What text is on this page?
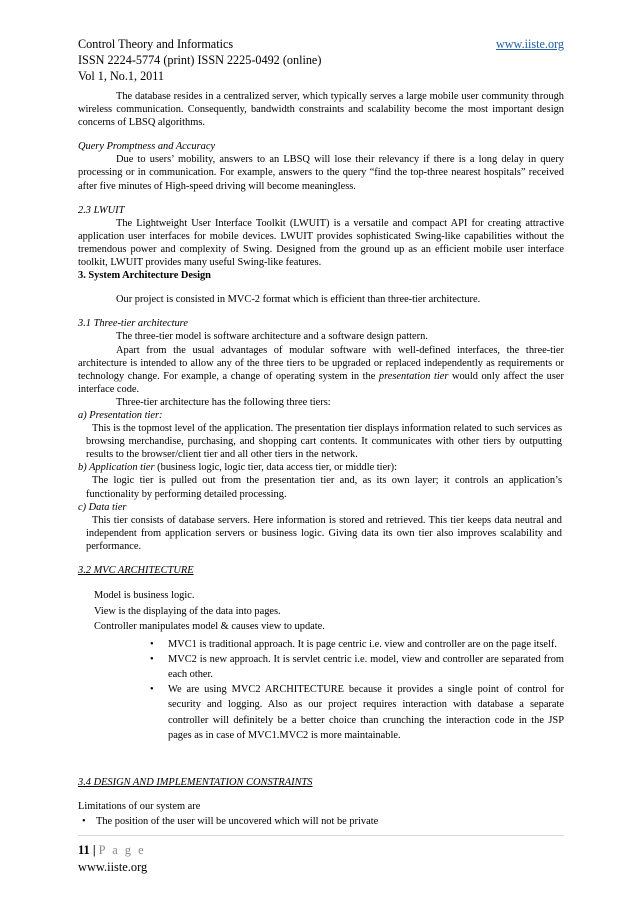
Control Theory and Informatics	www.iiste.org
ISSN 2224-5774 (print) ISSN 2225-0492 (online)
Vol 1, No.1, 2011

The database resides in a centralized server, which typically serves a large mobile user community through wireless communication. Consequently, bandwidth constraints and scalability become the most important design concerns of LBSQ algorithms.

Query Promptness and Accuracy

Due to users’ mobility, answers to an LBSQ will lose their relevancy if there is a long delay in query processing or in communication. For example, answers to the query “find the top-three nearest hospitals” received after five minutes of High-speed driving will become meaningless.

2.3 LWUIT

The Lightweight User Interface Toolkit (LWUIT) is a versatile and compact API for creating attractive application user interfaces for mobile devices. LWUIT provides sophisticated Swing-like capabilities without the tremendous power and complexity of Swing. Designed from the ground up as an efficient mobile user interface toolkit, LWUIT provides many useful Swing-like features.

3. System Architecture Design

Our project is consisted in MVC-2 format which is efficient than three-tier architecture.

3.1 Three-tier architecture

The three-tier model is software architecture and a software design pattern.

Apart from the usual advantages of modular software with well-defined interfaces, the three-tier architecture is intended to allow any of the three tiers to be upgraded or replaced independently as requirements or technology change. For example, a change of operating system in the presentation tier would only affect the user interface code.

Three-tier architecture has the following three tiers:

a) Presentation tier:

This is the topmost level of the application. The presentation tier displays information related to such services as browsing merchandise, purchasing, and shopping cart contents. It communicates with other tiers by outputting results to the browser/client tier and all other tiers in the network.

b) Application tier (business logic, logic tier, data access tier, or middle tier):

The logic tier is pulled out from the presentation tier and, as its own layer; it controls an application’s functionality by performing detailed processing.

c) Data tier

This tier consists of database servers. Here information is stored and retrieved. This tier keeps data neutral and independent from application servers or business logic. Giving data its own tier also improves scalability and performance.

3.2 MVC ARCHITECTURE

Model is business logic.
View is the displaying of the data into pages.
Controller manipulates model & causes view to update.
• MVC1 is traditional approach. It is page centric i.e. view and controller are on the page itself.
• MVC2 is new approach. It is servlet centric i.e. model, view and controller are separated from each other.
• We are using MVC2 ARCHITECTURE because it provides a single point of control for security and logging. Also as our project requires interaction with database a separate controller will definitely be a better choice than crunching the interaction code in the JSP pages as in case of MVC1.MVC2 is more maintainable.

3.4 DESIGN AND IMPLEMENTATION CONSTRAINTS

Limitations of our system are

• The position of the user will be uncovered which will not be private
11 | P a g e
www.iiste.org
